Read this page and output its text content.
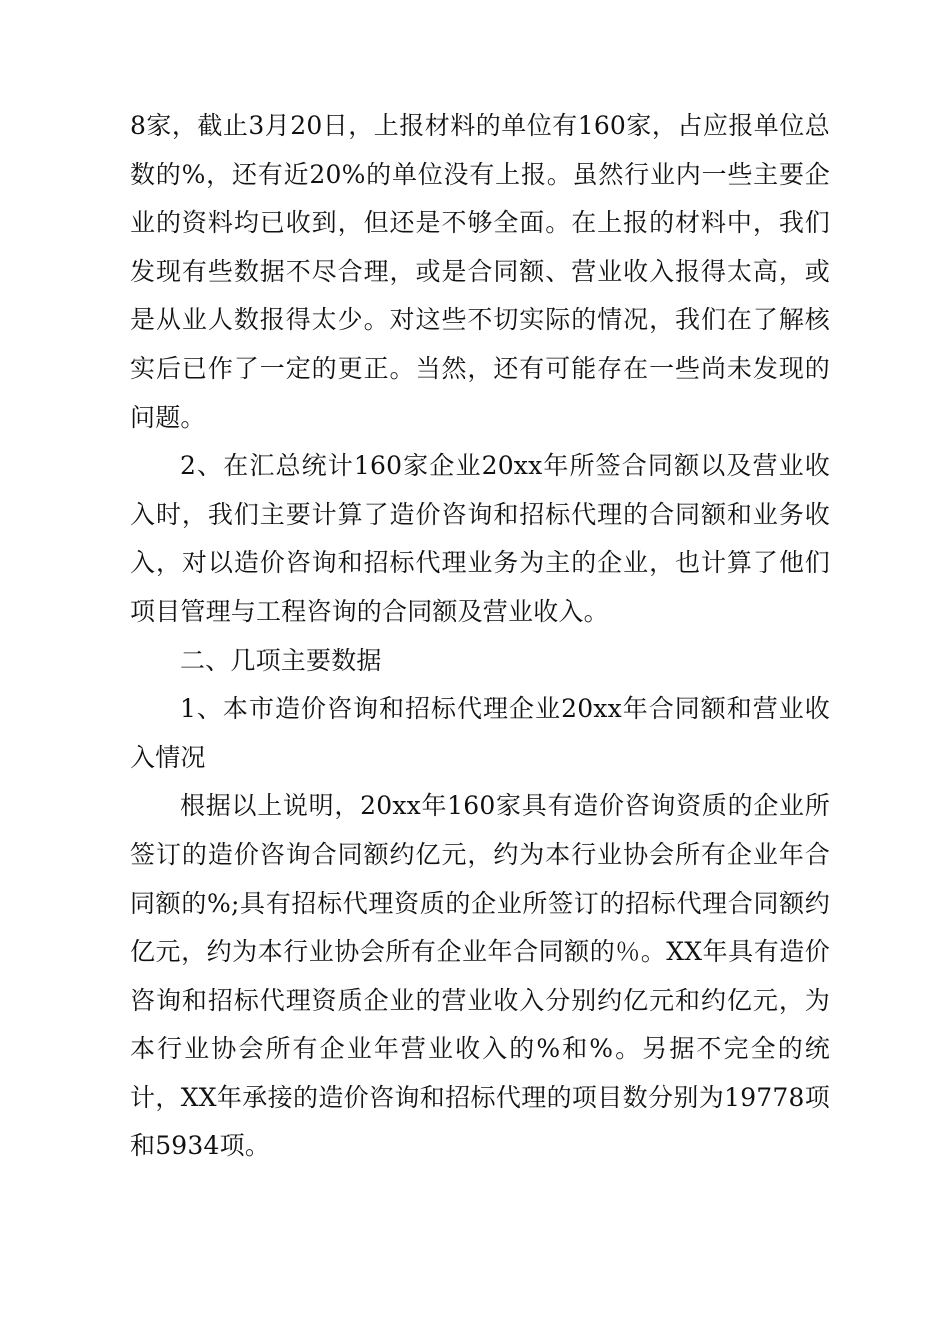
8家，截止3月20日，上报材料的单位有160家，占应报单位总数的%，还有近20%的单位没有上报。虽然行业内一些主要企业的资料均已收到，但还是不够全面。在上报的材料中，我们发现有些数据不尽合理，或是合同额、营业收入报得太高，或是从业人数报得太少。对这些不切实际的情况，我们在了解核实后已作了一定的更正。当然，还有可能存在一些尚未发现的问题。

2、在汇总统计160家企业20xx年所签合同额以及营业收入时，我们主要计算了造价咨询和招标代理的合同额和业务收入，对以造价咨询和招标代理业务为主的企业，也计算了他们项目管理与工程咨询的合同额及营业收入。

二、几项主要数据

1、本市造价咨询和招标代理企业20xx年合同额和营业收入情况

根据以上说明，20xx年160家具有造价咨询资质的企业所签订的造价咨询合同额约亿元，约为本行业协会所有企业年合同额的%;具有招标代理资质的企业所签订的招标代理合同额约亿元，约为本行业协会所有企业年合同额的％。XX年具有造价咨询和招标代理资质企业的营业收入分别约亿元和约亿元，为本行业协会所有企业年营业收入的%和%。另据不完全的统计，XX年承接的造价咨询和招标代理的项目数分别为19778项和5934项。
